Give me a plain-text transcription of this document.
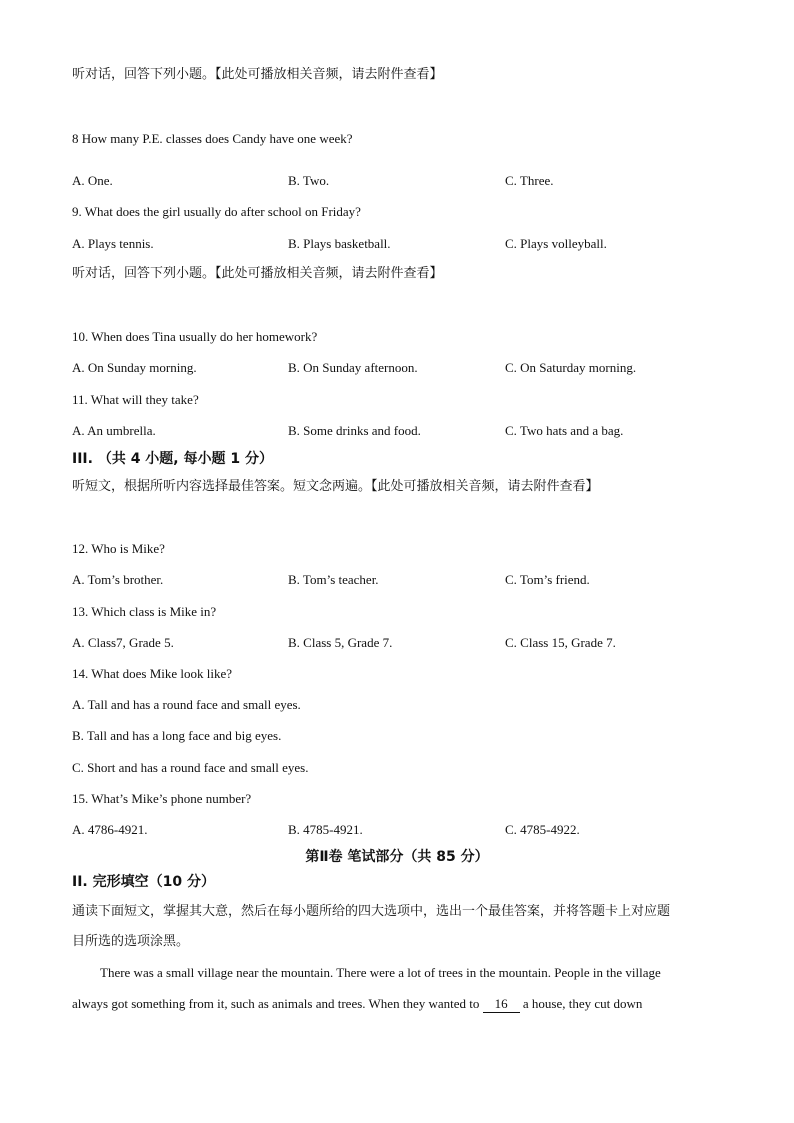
听对话，回答下列小题。【此处可播放相关音频，请去附件查看】
8 How many P.E. classes does Candy have one week?
A. One.	B. Two.	C. Three.
9. What does the girl usually do after school on Friday?
A. Plays tennis.	B. Plays basketball.	C. Plays volleyball.
听对话，回答下列小题。【此处可播放相关音频，请去附件查看】
10. When does Tina usually do her homework?
A. On Sunday morning.	B. On Sunday afternoon.	C. On Saturday morning.
11. What will they take?
A. An umbrella.	B. Some drinks and food.	C. Two hats and a bag.
III. （共 4 小题, 每小题 1 分）
听短文，根据所听内容选择最佳答案。短文念两遍。【此处可播放相关音频，请去附件查看】
12. Who is Mike?
A. Tom’s brother.	B. Tom’s teacher.	C. Tom’s friend.
13. Which class is Mike in?
A. Class7, Grade 5.	B. Class 5, Grade 7.	C. Class 15, Grade 7.
14. What does Mike look like?
A. Tall and has a round face and small eyes.
B. Tall and has a long face and big eyes.
C. Short and has a round face and small eyes.
15. What’s Mike’s phone number?
A. 4786-4921.	B. 4785-4921.	C. 4785-4922.
第Ⅱ卷 笔试部分（共 85 分）
II. 完形填空（10 分）
通读下面短文，掌握其大意，然后在每小题所给的四大选项中，选出一个最佳答案，并将答题卡上对应题
目所选的选项涂黑。
There was a small village near the mountain. There were a lot of trees in the mountain. People in the village
always got something from it, such as animals and trees. When they wanted to 16 a house, they cut down
